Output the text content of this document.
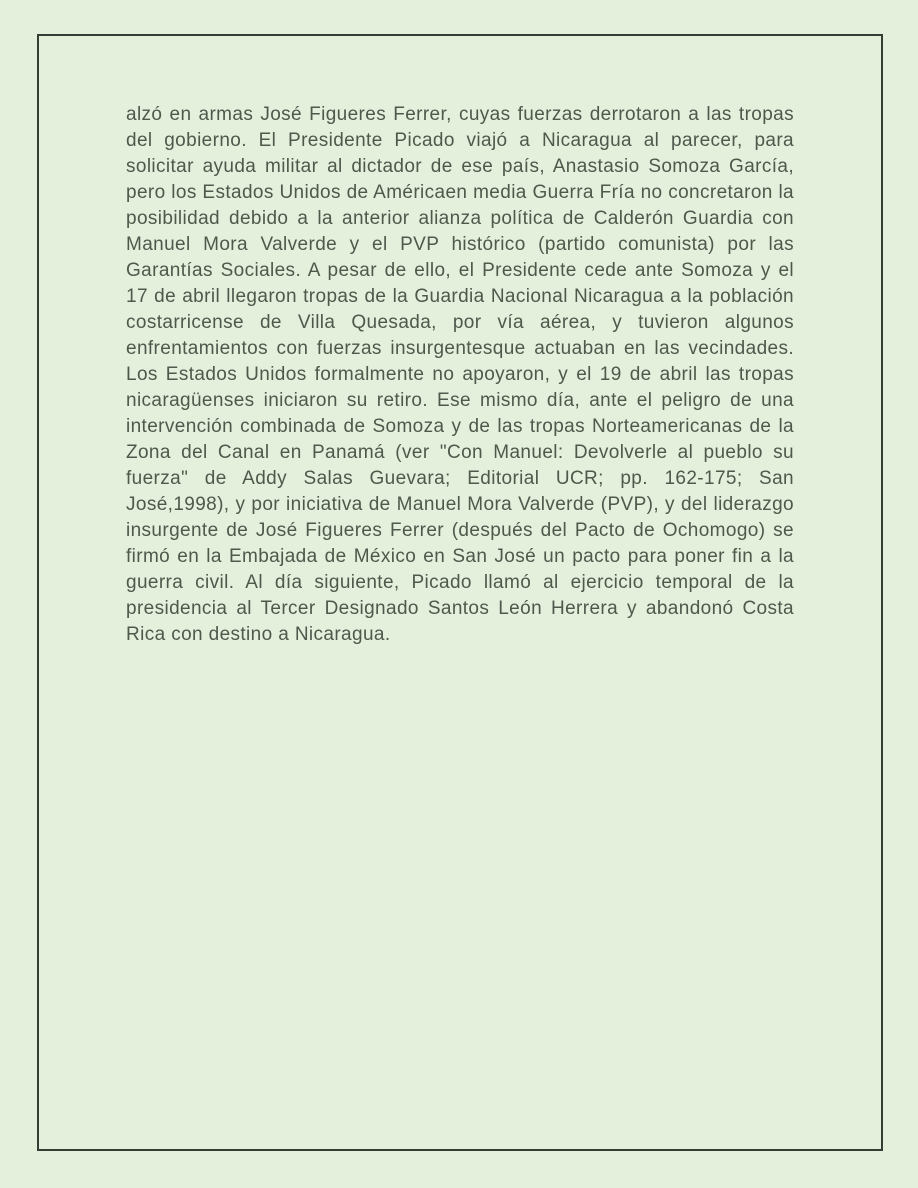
alzó en armas José Figueres Ferrer, cuyas fuerzas derrotaron a las tropas del gobierno. El Presidente Picado viajó a Nicaragua al parecer, para solicitar ayuda militar al dictador de ese país, Anastasio Somoza García, pero los Estados Unidos de Américaen media Guerra Fría no concretaron la posibilidad debido a la anterior alianza política de Calderón Guardia con Manuel Mora Valverde y el PVP histórico (partido comunista) por las Garantías Sociales. A pesar de ello, el Presidente cede ante Somoza y el 17 de abril llegaron tropas de la Guardia Nacional Nicaragua a la población costarricense de Villa Quesada, por vía aérea, y tuvieron algunos enfrentamientos con fuerzas insurgentesque actuaban en las vecindades. Los Estados Unidos formalmente no apoyaron, y el 19 de abril las tropas nicaragüenses iniciaron su retiro. Ese mismo día, ante el peligro de una intervención combinada de Somoza y de las tropas Norteamericanas de la Zona del Canal en Panamá (ver "Con Manuel: Devolverle al pueblo su fuerza" de Addy Salas Guevara; Editorial UCR; pp. 162-175; San José,1998), y por iniciativa de Manuel Mora Valverde (PVP), y del liderazgo insurgente de José Figueres Ferrer (después del Pacto de Ochomogo) se firmó en la Embajada de México en San José un pacto para poner fin a la guerra civil. Al día siguiente, Picado llamó al ejercicio temporal de la presidencia al Tercer Designado Santos León Herrera y abandonó Costa Rica con destino a Nicaragua.
